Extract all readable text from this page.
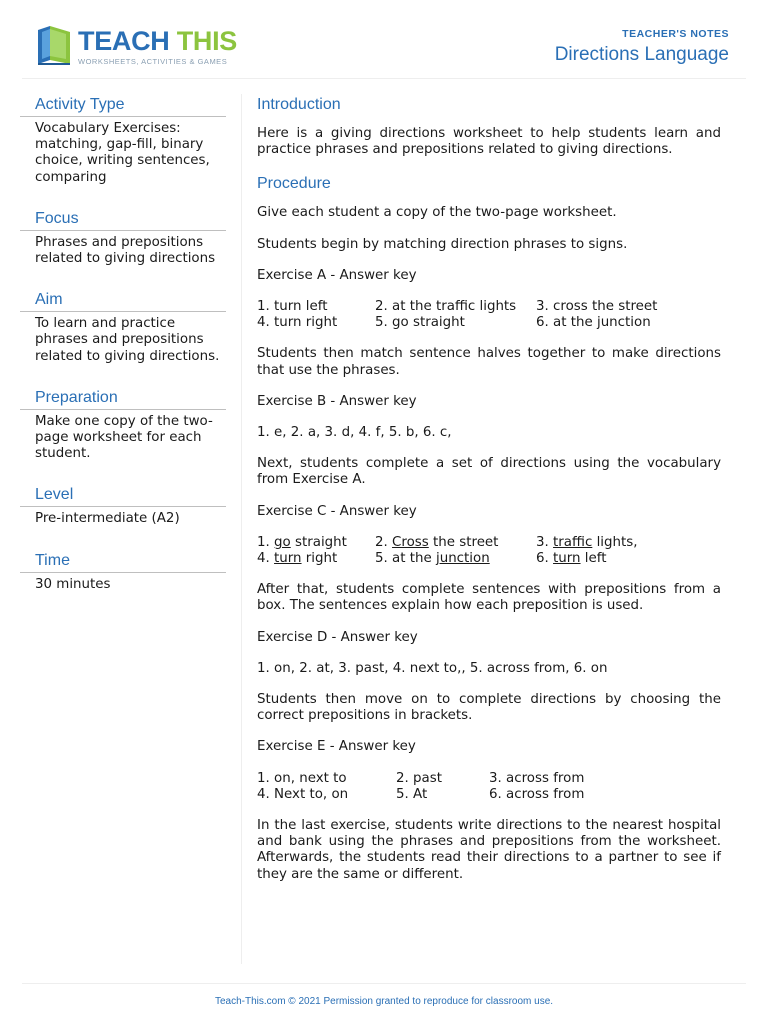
TEACH THIS
WORKSHEETS, ACTIVITIES & GAMES
TEACHER'S NOTES
Directions Language
Activity Type
Vocabulary Exercises: matching, gap-fill, binary choice, writing sentences, comparing
Focus
Phrases and prepositions related to giving directions
Aim
To learn and practice phrases and prepositions related to giving directions.
Preparation
Make one copy of the two-page worksheet for each student.
Level
Pre-intermediate (A2)
Time
30 minutes
Introduction

Here is a giving directions worksheet to help students learn and practice phrases and prepositions related to giving directions.

Procedure

Give each student a copy of the two-page worksheet.

Students begin by matching direction phrases to signs.

Exercise A - Answer key

1. turn left	2. at the traffic lights	3. cross the street
4. turn right	5. go straight	6. at the junction

Students then match sentence halves together to make directions that use the phrases.

Exercise B - Answer key

1. e, 2. a, 3. d, 4. f, 5. b, 6. c,

Next, students complete a set of directions using the vocabulary from Exercise A.

Exercise C - Answer key

1. go straight	2. Cross the street	3. traffic lights,
4. turn right	5. at the junction	6. turn left

After that, students complete sentences with prepositions from a box. The sentences explain how each preposition is used.

Exercise D - Answer key

1. on, 2. at, 3. past, 4. next to,, 5. across from, 6. on

Students then move on to complete directions by choosing the correct prepositions in brackets.

Exercise E - Answer key

1. on, next to	2. past	3. across from
4. Next to, on	5. At	6. across from

In the last exercise, students write directions to the nearest hospital and bank using the phrases and prepositions from the worksheet. Afterwards, the students read their directions to a partner to see if they are the same or different.

Teach-This.com © 2021 Permission granted to reproduce for classroom use.
